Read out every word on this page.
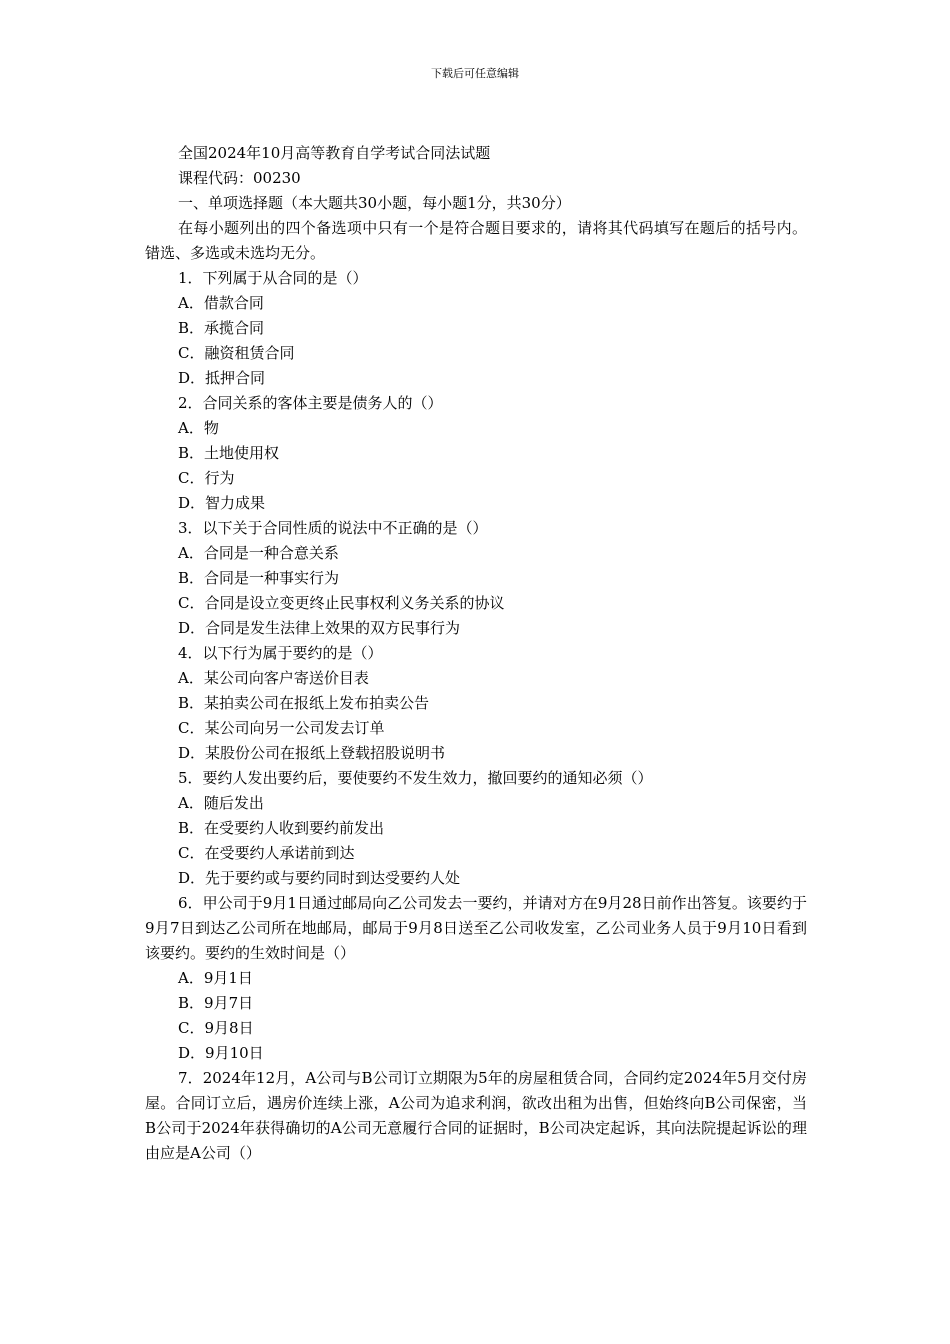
下载后可任意编辑
全国2024年10月高等教育自学考试合同法试题
课程代码：00230
一、单项选择题（本大题共30小题，每小题1分，共30分）
在每小题列出的四个备选项中只有一个是符合题目要求的，请将其代码填写在题后的括号内。错选、多选或未选均无分。
1．下列属于从合同的是（）
A．借款合同
B．承揽合同
C．融资租赁合同
D．抵押合同
2．合同关系的客体主要是债务人的（）
A．物
B．土地使用权
C．行为
D．智力成果
3．以下关于合同性质的说法中不正确的是（）
A．合同是一种合意关系
B．合同是一种事实行为
C．合同是设立变更终止民事权利义务关系的协议
D．合同是发生法律上效果的双方民事行为
4．以下行为属于要约的是（）
A．某公司向客户寄送价目表
B．某拍卖公司在报纸上发布拍卖公告
C．某公司向另一公司发去订单
D．某股份公司在报纸上登载招股说明书
5．要约人发出要约后，要使要约不发生效力，撤回要约的通知必须（）
A．随后发出
B．在受要约人收到要约前发出
C．在受要约人承诺前到达
D．先于要约或与要约同时到达受要约人处
6．甲公司于9月1日通过邮局向乙公司发去一要约，并请对方在9月28日前作出答复。该要约于9月7日到达乙公司所在地邮局，邮局于9月8日送至乙公司收发室，乙公司业务人员于9月10日看到该要约。要约的生效时间是（）
A．9月1日
B．9月7日
C．9月8日
D．9月10日
7．2024年12月，A公司与B公司订立期限为5年的房屋租赁合同，合同约定2024年5月交付房屋。合同订立后，遇房价连续上涨，A公司为追求利润，欲改出租为出售，但始终向B公司保密，当B公司于2024年获得确切的A公司无意履行合同的证据时，B公司决定起诉，其向法院提起诉讼的理由应是A公司（）
